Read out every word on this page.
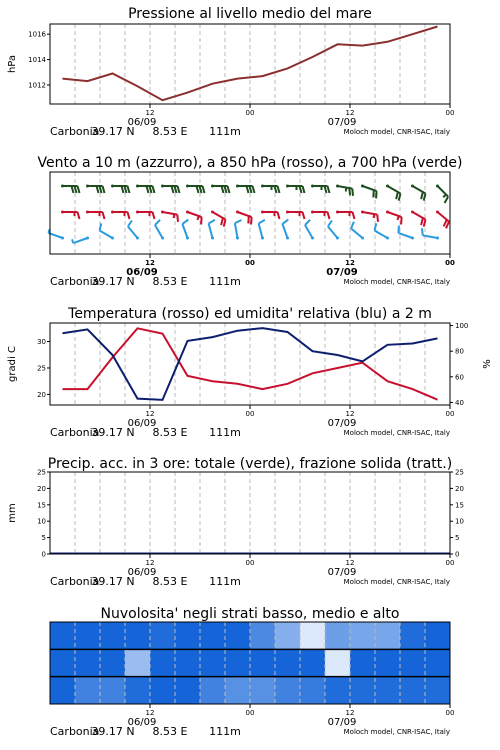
Pressione al livello medio del mare
1012
1014
1016
hPa
12	00	12	00
06/09	07/09
Carbonia
39.17 N 8.53 E 111m	Moloch model, CNR-ISAC, Italy
Vento a 10 m (azzurro), a 850 hPa (rosso), a 700 hPa (verde)
12	00	12	00
06/09	07/09
Carbonia
39.17 N 8.53 E 111m	Moloch model, CNR-ISAC, Italy
Temperatura (rosso) ed umidita' relativa (blu) a 2 m
20
25
30
40
60
80
100
gradi C	%
12	00	12	00
06/09	07/09
Carbonia
39.17 N 8.53 E 111m	Moloch model, CNR-ISAC, Italy
Precip. acc. in 3 ore: totale (verde), frazione solida (tratt.)
0	0
5	5
10	10
15	15
20	20
25	25
mm
12	00	12	00
06/09	07/09
Carbonia
39.17 N 8.53 E 111m	Moloch model, CNR-ISAC, Italy
Nuvolosita' negli strati basso, medio e alto
12	00	12	00
06/09	07/09
Carbonia
39.17 N 8.53 E 111m	Moloch model, CNR-ISAC, Italy
